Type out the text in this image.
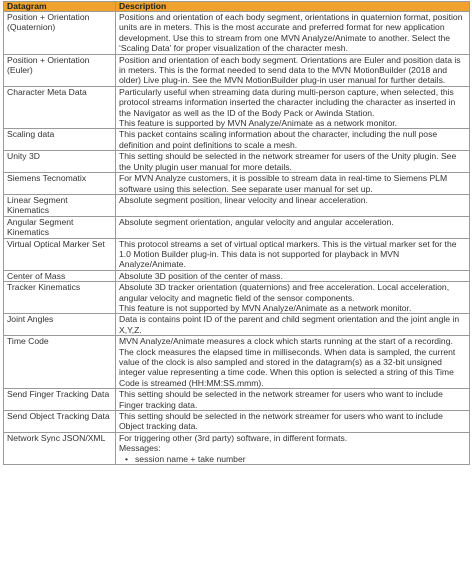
Datagram	Description
Position + Orientation (Quaternion)	Positions and orientation of each body segment, orientations in quaternion format, position units are in meters. This is the most accurate and preferred format for new application development. Use this to stream from one MVN Analyze/Animate to another. Select the ‘Scaling Data’ for proper visualization of the character mesh.

Position + Orientation (Euler)	Position and orientation of each body segment. Orientations are Euler and position data is in meters. This is the format needed to send data to the MVN MotionBuilder (2018 and older) Live plug-in. See the MVN MotionBuilder plug-in user manual for further details.

Character Meta Data	Particularly useful when streaming data during multi-person capture, when selected, this protocol streams information inserted the character including the character as inserted in the Navigator as well as the ID of the Body Pack or Awinda Station.
This feature is supported by MVN Analyze/Animate as a network monitor.

Scaling data	This packet contains scaling information about the character, including the null pose definition and point definitions to scale a mesh.

Unity 3D	This setting should be selected in the network streamer for users of the Unity plugin. See the Unity plugin user manual for more details.

Siemens Tecnomatix	For MVN Analyze customers, it is possible to stream data in real-time to Siemens PLM software using this selection. See separate user manual for set up.

Linear Segment Kinematics	Absolute segment position, linear velocity and linear acceleration.

Angular Segment Kinematics	Absolute segment orientation, angular velocity and angular acceleration.

Virtual Optical Marker Set	This protocol streams a set of virtual optical markers. This is the virtual marker set for the 1.0 Motion Builder plug-in. This data is not supported for playback in MVN Analyze/Animate.

Center of Mass	Absolute 3D position of the center of mass.

Tracker Kinematics	Absolute 3D tracker orientation (quaternions) and free acceleration. Local acceleration, angular velocity and magnetic field of the sensor components.
This feature is not supported by MVN Analyze/Animate as a network monitor.

Joint Angles	Data is contains point ID of the parent and child segment orientation and the joint angle in X,Y,Z.

Time Code	MVN Analyze/Animate measures a clock which starts running at the start of a recording. The clock measures the elapsed time in milliseconds. When data is sampled, the current value of the clock is also sampled and stored in the datagram(s) as a 32-bit unsigned integer value representing a time code. When this option is selected a string of this Time Code is streamed (HH:MM:SS.mmm).

Send Finger Tracking Data	This setting should be selected in the network streamer for users who want to include Finger tracking data.

Send Object Tracking Data	This setting should be selected in the network streamer for users who want to include Object tracking data.

Network Sync JSON/XML	For triggering other (3rd party) software, in different formats.
Messages:
• session name + take number
